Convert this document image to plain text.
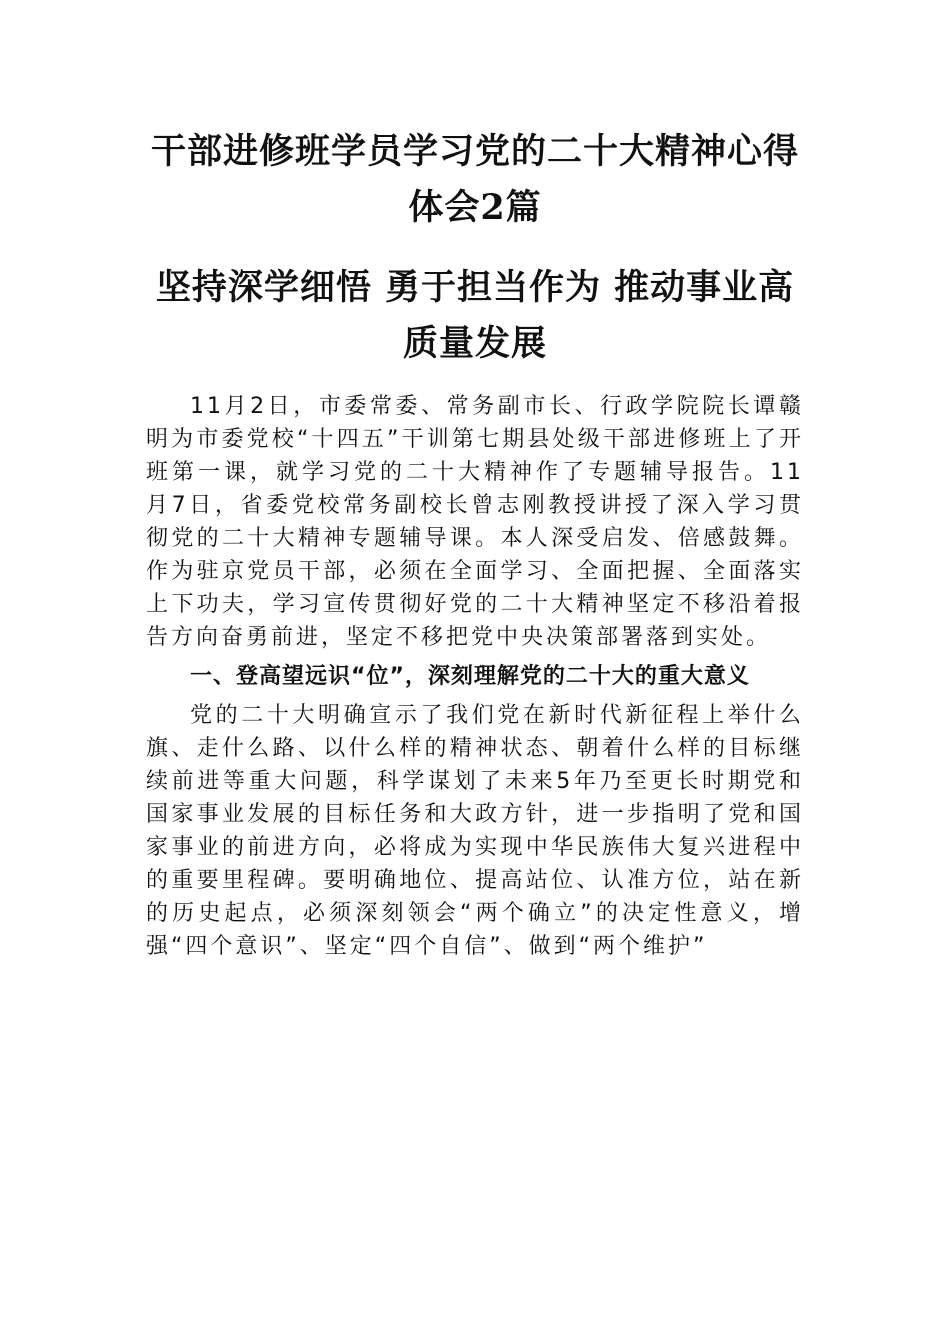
干部进修班学员学习党的二十大精神心得体会2篇
坚持深学细悟 勇于担当作为 推动事业高质量发展

11月2日，市委常委、常务副市长、行政学院院长谭赣明为市委党校“十四五”干训第七期县处级干部进修班上了开班第一课，就学习党的二十大精神作了专题辅导报告。11月7日，省委党校常务副校长曾志刚教授讲授了深入学习贯彻党的二十大精神专题辅导课。本人深受启发、倍感鼓舞。作为驻京党员干部，必须在全面学习、全面把握、全面落实上下功夫，学习宣传贯彻好党的二十大精神坚定不移沿着报告方向奋勇前进，坚定不移把党中央决策部署落到实处。

一、登高望远识“位”，深刻理解党的二十大的重大意义

党的二十大明确宣示了我们党在新时代新征程上举什么旗、走什么路、以什么样的精神状态、朝着什么样的目标继续前进等重大问题，科学谋划了未来5年乃至更长时期党和国家事业发展的目标任务和大政方针，进一步指明了党和国家事业的前进方向，必将成为实现中华民族伟大复兴进程中的重要里程碑。要明确地位、提高站位、认准方位，站在新的历史起点，必须深刻领会“两个确立”的决定性意义，增强“四个意识”、坚定“四个自信”、做到“两个维护”
